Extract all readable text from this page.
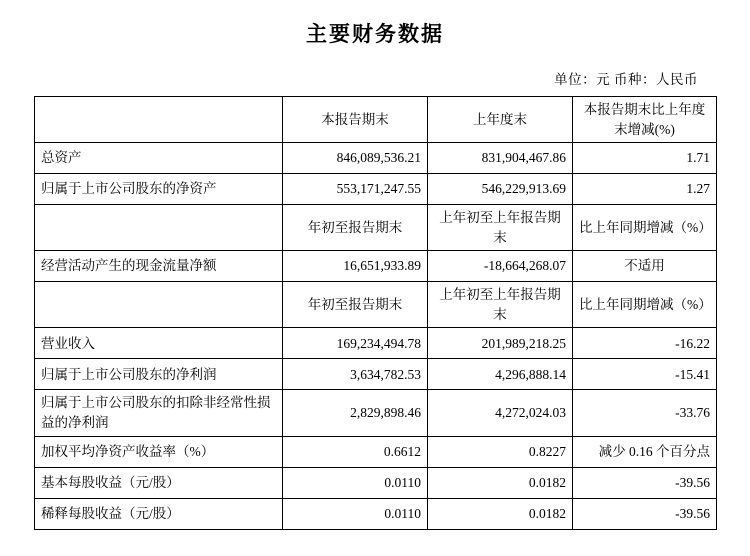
主要财务数据
单位：元 币种：人民币
	本报告期末	上年度末	本报告期末比上年度末增减(%)
总资产	846,089,536.21	831,904,467.86	1.71
归属于上市公司股东的净资产	553,171,247.55	546,229,913.69	1.27
	年初至报告期末	上年初至上年报告期末	比上年同期增减（%）
经营活动产生的现金流量净额	16,651,933.89	-18,664,268.07	不适用
	年初至报告期末	上年初至上年报告期末	比上年同期增减（%）
营业收入	169,234,494.78	201,989,218.25	-16.22
归属于上市公司股东的净利润	3,634,782.53	4,296,888.14	-15.41
归属于上市公司股东的扣除非经常性损益的净利润	2,829,898.46	4,272,024.03	-33.76
加权平均净资产收益率（%）	0.6612	0.8227	减少 0.16 个百分点
基本每股收益（元/股）	0.0110	0.0182	-39.56
稀释每股收益（元/股）	0.0110	0.0182	-39.56
